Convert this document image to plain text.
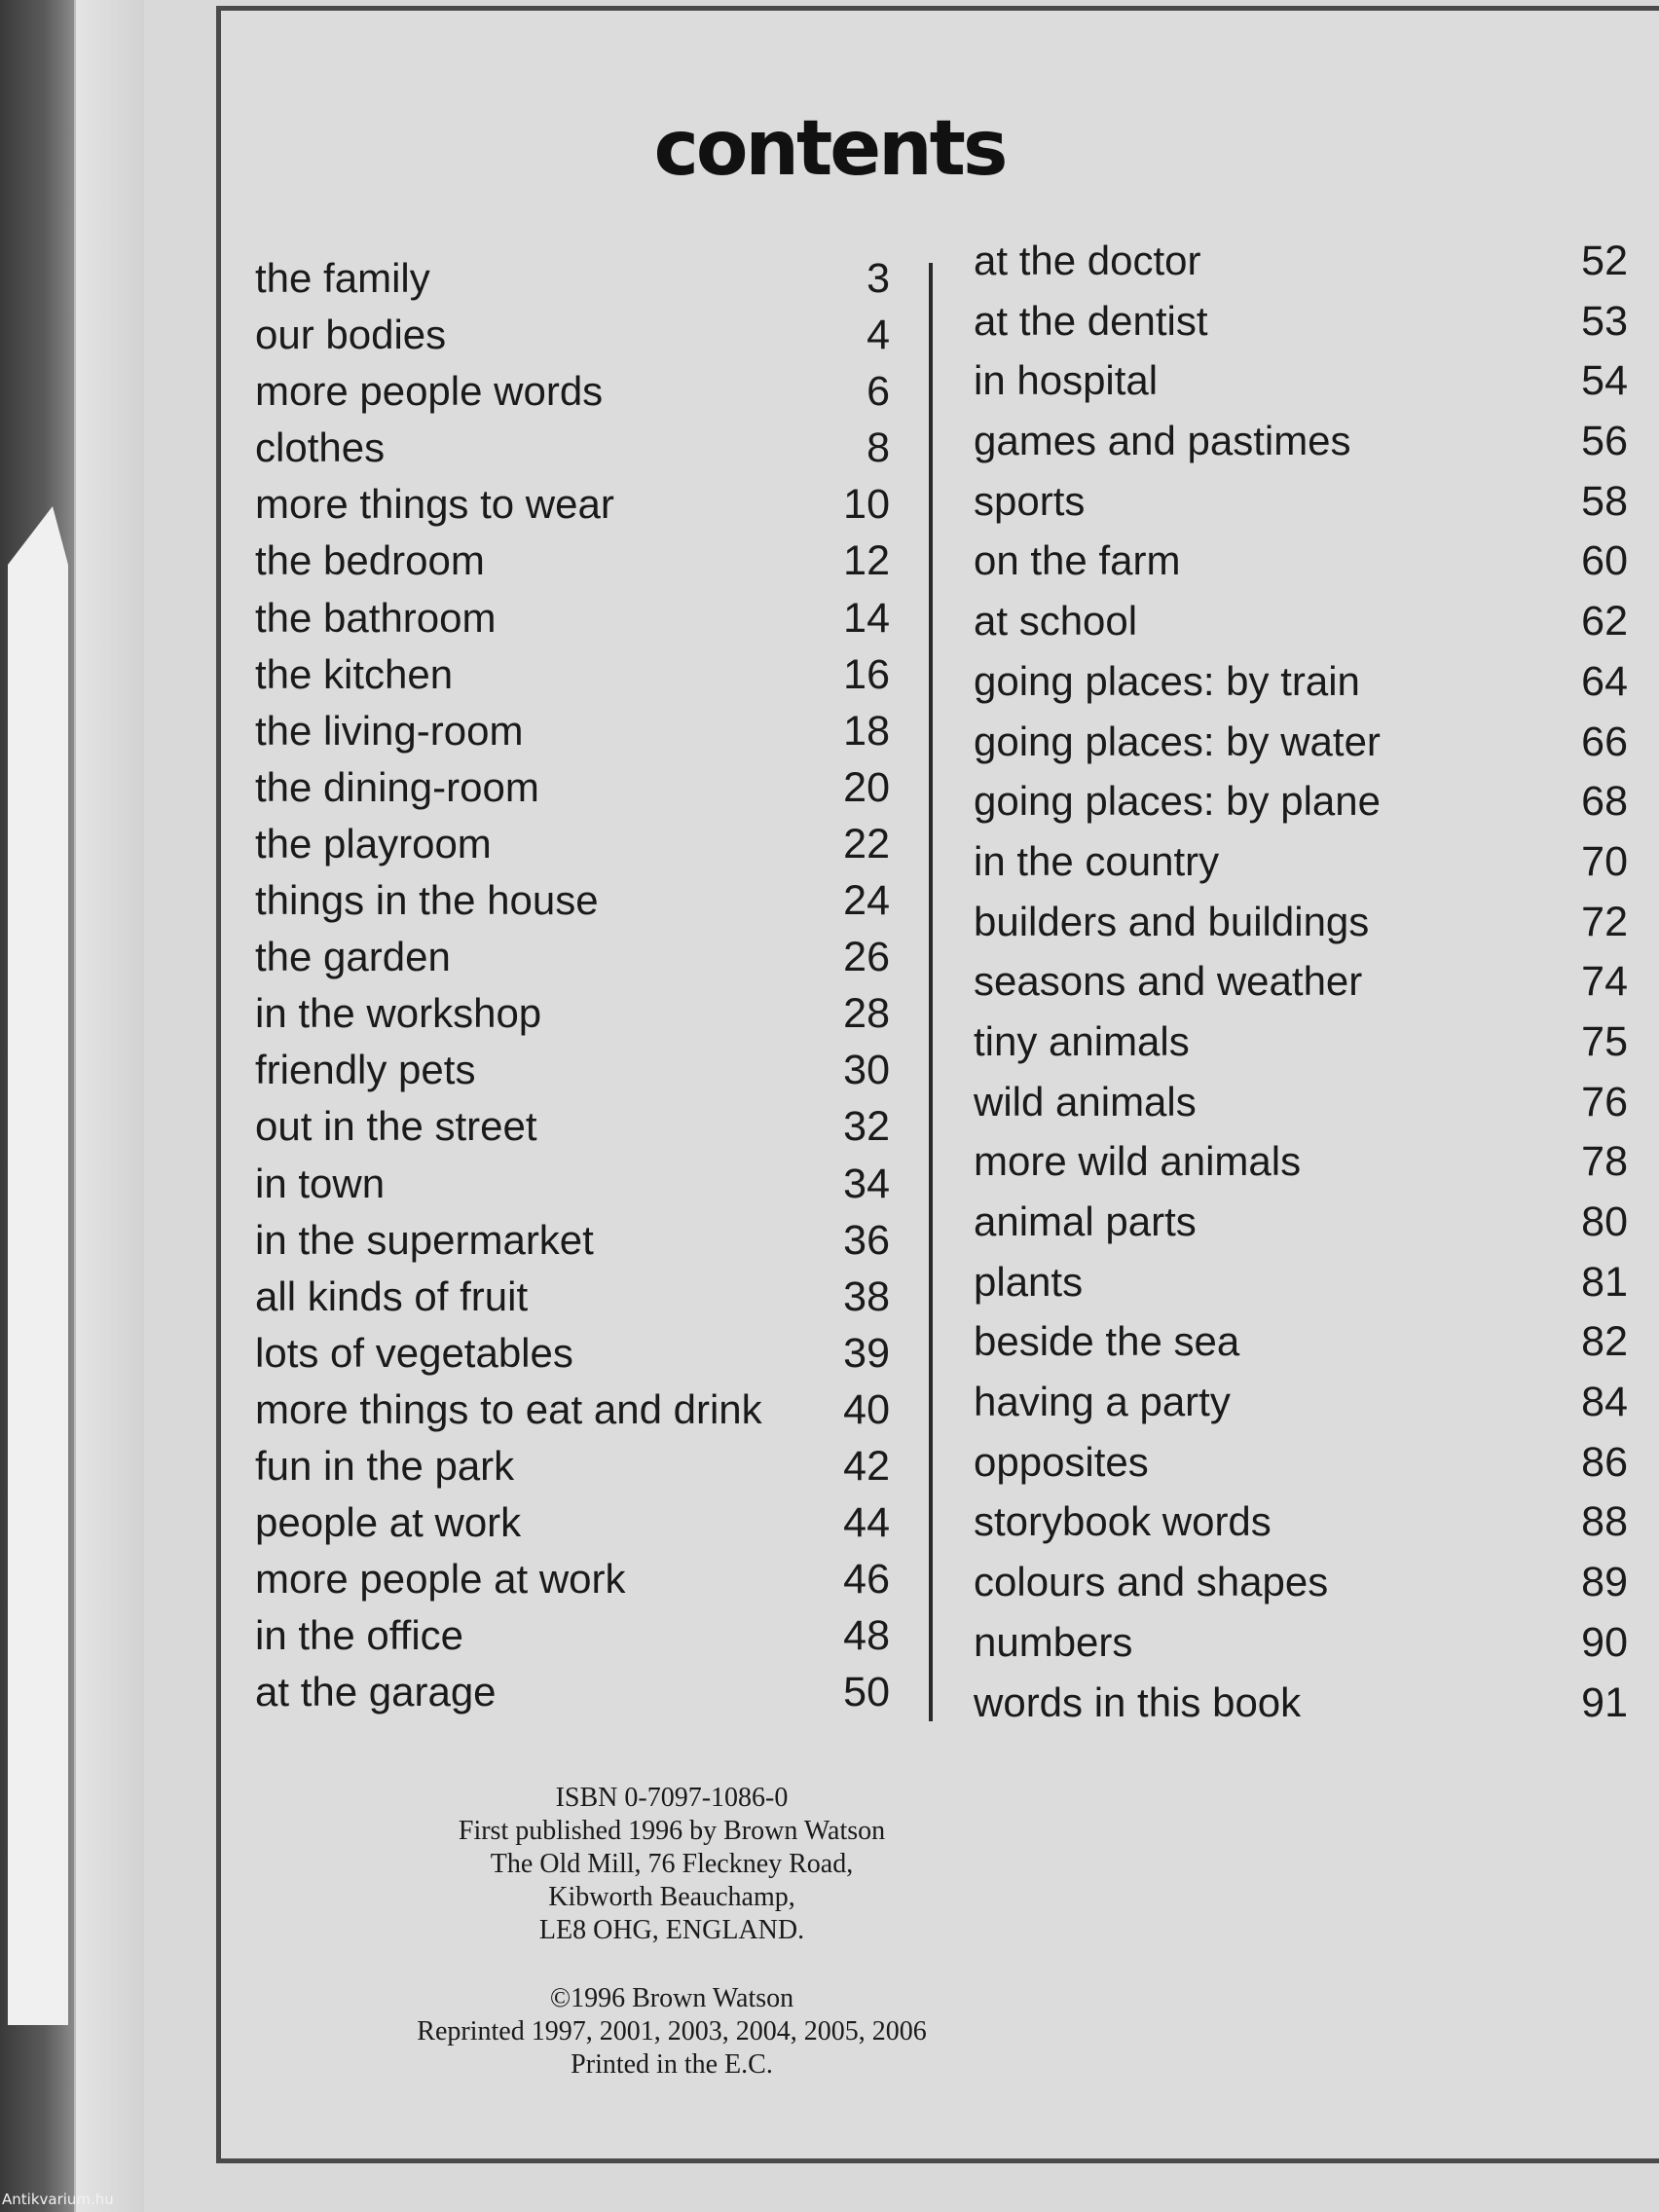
contents
the family	3
our bodies	4
more people words	6
clothes	8
more things to wear	10
the bedroom	12
the bathroom	14
the kitchen	16
the living-room	18
the dining-room	20
the playroom	22
things in the house	24
the garden	26
in the workshop	28
friendly pets	30
out in the street	32
in town	34
in the supermarket	36
all kinds of fruit	38
lots of vegetables	39
more things to eat and drink 40
fun in the park	42
people at work	44
more people at work	46
in the office	48
at the garage	50
at the doctor	52
at the dentist	53
in hospital	54
games and pastimes	56
sports	58
on the farm	60
at school	62
going places: by train	64
going places: by water	66
going places: by plane	68
in the country	70
builders and buildings	72
seasons and weather	74
tiny animals	75
wild animals	76
more wild animals	78
animal parts	80
plants	81
beside the sea	82
having a party	84
opposites	86
storybook words	88
colours and shapes	89
numbers	90
words in this book	91

ISBN 0-7097-1086-0

First published 1996 by Brown Watson

The Old Mill, 76 Fleckney Road,

Kibworth Beauchamp,

LE8 OHG, ENGLAND.

©1996 Brown Watson

Reprinted 1997, 2001, 2003, 2004, 2005, 2006

Printed in the E.C.

Antikvarium.hu
